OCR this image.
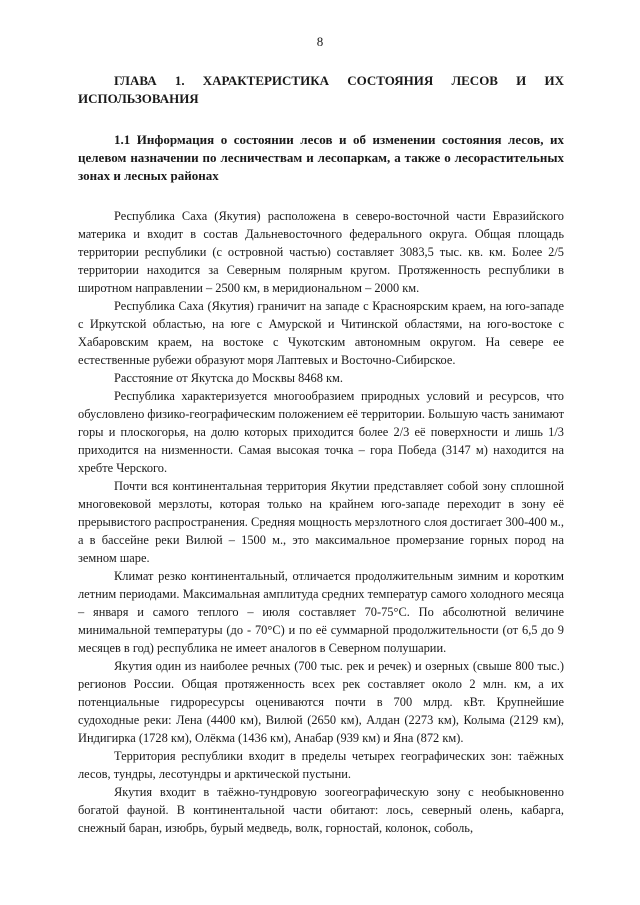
8
ГЛАВА 1. ХАРАКТЕРИСТИКА СОСТОЯНИЯ ЛЕСОВ И ИХ ИСПОЛЬЗОВАНИЯ
1.1 Информация о состоянии лесов и об изменении состояния лесов, их целевом назначении по лесничествам и лесопаркам, а также о лесорастительных зонах и лесных районах

Республика Саха (Якутия) расположена в северо-восточной части Евразийского материка и входит в состав Дальневосточного федерального округа. Общая площадь территории республики (с островной частью) составляет 3083,5 тыс. кв. км. Более 2/5 территории находится за Северным полярным кругом. Протяженность республики в широтном направлении – 2500 км, в меридиональном – 2000 км.

Республика Саха (Якутия) граничит на западе с Красноярским краем, на юго-западе с Иркутской областью, на юге с Амурской и Читинской областями, на юго-востоке с Хабаровским краем, на востоке с Чукотским автономным округом. На севере ее естественные рубежи образуют моря Лаптевых и Восточно-Сибирское.

Расстояние от Якутска до Москвы 8468 км.

Республика характеризуется многообразием природных условий и ресурсов, что обусловлено физико-географическим положением её территории. Большую часть занимают горы и плоскогорья, на долю которых приходится более 2/3 её поверхности и лишь 1/3 приходится на низменности. Самая высокая точка – гора Победа (3147 м) находится на хребте Черского.

Почти вся континентальная территория Якутии представляет собой зону сплошной многовековой мерзлоты, которая только на крайнем юго-западе переходит в зону её прерывистого распространения. Средняя мощность мерзлотного слоя достигает 300-400 м., а в бассейне реки Вилюй – 1500 м., это максимальное промерзание горных пород на земном шаре.

Климат резко континентальный, отличается продолжительным зимним и коротким летним периодами. Максимальная амплитуда средних температур самого холодного месяца – января и самого теплого – июля составляет 70-75°С. По абсолютной величине минимальной температуры (до - 70°С) и по её суммарной продолжительности (от 6,5 до 9 месяцев в год) республика не имеет аналогов в Северном полушарии.

Якутия один из наиболее речных (700 тыс. рек и речек) и озерных (свыше 800 тыс.) регионов России. Общая протяженность всех рек составляет около 2 млн. км, а их потенциальные гидроресурсы оцениваются почти в 700 млрд. кВт. Крупнейшие судоходные реки: Лена (4400 км), Вилюй (2650 км), Алдан (2273 км), Колыма (2129 км), Индигирка (1728 км), Олёкма (1436 км), Анабар (939 км) и Яна (872 км).

Территория республики входит в пределы четырех географических зон: таёжных лесов, тундры, лесотундры и арктической пустыни.

Якутия входит в таёжно-тундровую зоогеографическую зону с необыкновенно богатой фауной. В континентальной части обитают: лось, северный олень, кабарга, снежный баран, изюбрь, бурый медведь, волк, горностай, колонок, соболь,
